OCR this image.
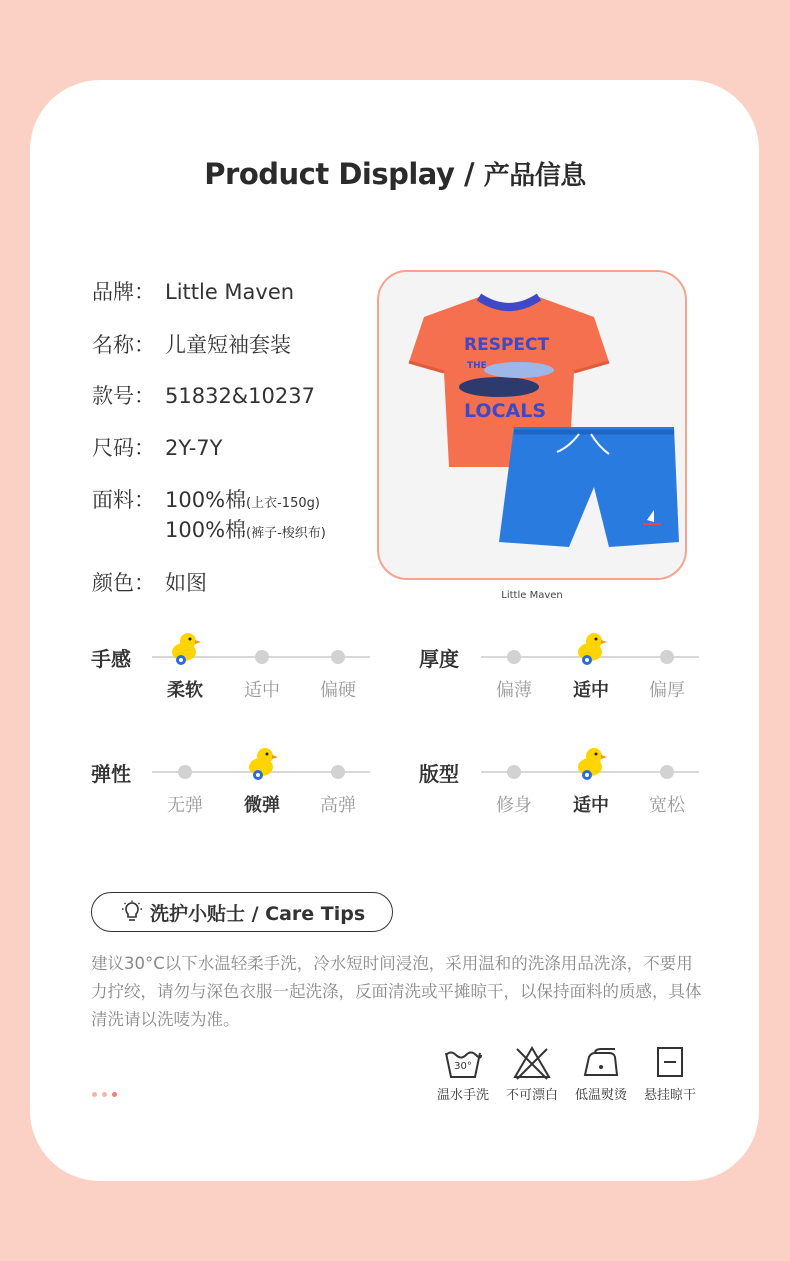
Product Display / 产品信息
品牌： Little Maven
名称： 儿童短袖套装
款号： 51832&10237
尺码： 2Y-7Y
面料： 100%棉(上衣-150g)
100%棉(裤子-梭织布)
颜色： 如图
RESPECT
THE
LOCALS
Little Maven
手感
柔软	适中	偏硬
厚度
偏薄	适中	偏厚
弹性
无弹	微弹	高弹
版型
修身	适中	宽松
洗护小贴士 / Care Tips
建议30°C以下水温轻柔手洗，冷水短时间浸泡，采用温和的洗涤用品洗涤，不要用力拧绞，请勿与深色衣服一起洗涤，反面清洗或平摊晾干，以保持面料的质感，具体清洗请以洗唛为准。
30°
温水手洗	不可漂白	低温熨烫	悬挂晾干
